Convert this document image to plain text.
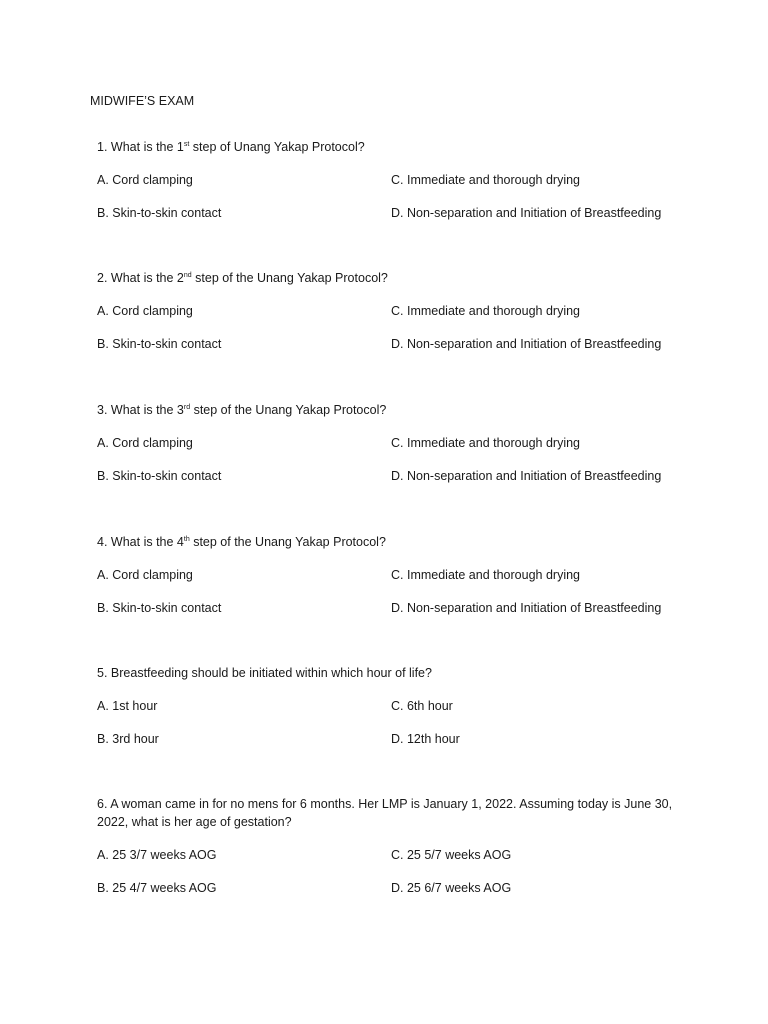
MIDWIFE’S EXAM

1. What is the 1st step of Unang Yakap Protocol?

A. Cord clamping	C. Immediate and thorough drying
B. Skin-to-skin contact	D. Non-separation and Initiation of Breastfeeding

2. What is the 2nd step of the Unang Yakap Protocol?

A. Cord clamping	C. Immediate and thorough drying
B. Skin-to-skin contact	D. Non-separation and Initiation of Breastfeeding

3. What is the 3rd step of the Unang Yakap Protocol?

A. Cord clamping	C. Immediate and thorough drying
B. Skin-to-skin contact	D. Non-separation and Initiation of Breastfeeding

4. What is the 4th step of the Unang Yakap Protocol?

A. Cord clamping	C. Immediate and thorough drying
B. Skin-to-skin contact	D. Non-separation and Initiation of Breastfeeding

5. Breastfeeding should be initiated within which hour of life?

A. 1st hour	C. 6th hour
B. 3rd hour	D. 12th hour

6. A woman came in for no mens for 6 months. Her LMP is January 1, 2022. Assuming today is June 30, 2022, what is her age of gestation?

A. 25 3/7 weeks AOG	C. 25 5/7 weeks AOG
B. 25 4/7 weeks AOG	D. 25 6/7 weeks AOG
